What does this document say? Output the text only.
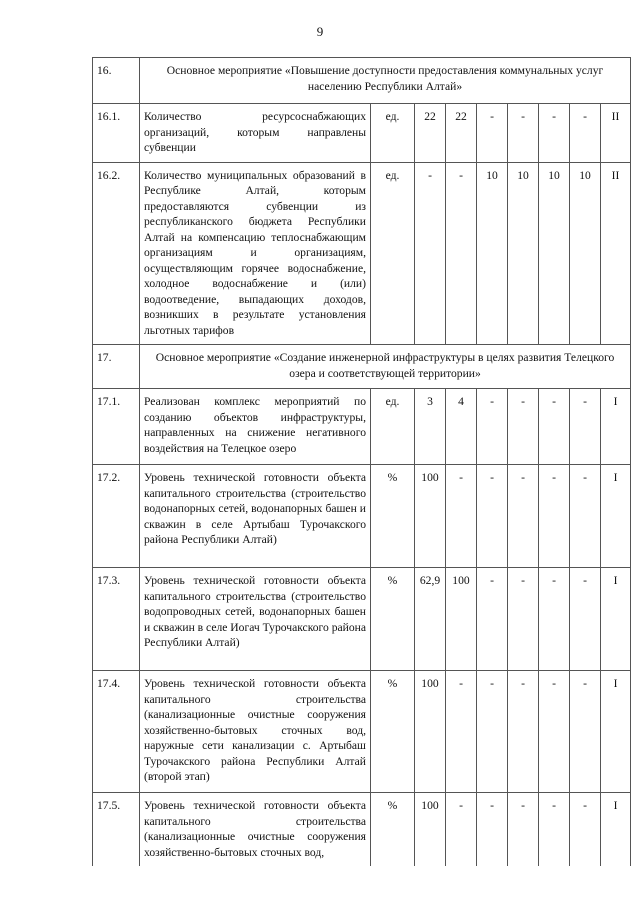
9
16.	Основное мероприятие «Повышение доступности предоставления коммунальных услуг населению Республики Алтай»								
16.1.	Количество ресурсоснабжающих организаций, которым направлены субвенции	ед.	22	22	-	-	-	-	II
16.2.	Количество муниципальных образований в Республике Алтай, которым предоставляются субвенции из республиканского бюджета Республики Алтай на компенсацию теплоснабжающим организациям и организациям, осуществляющим горячее водоснабжение, холодное водоснабжение и (или) водоотведение, выпадающих доходов, возникших в результате установления льготных тарифов	ед.	-	-	10	10	10	10	II
17.	Основное мероприятие «Создание инженерной инфраструктуры в целях развития Телецкого озера и соответствующей территории»								
17.1.	Реализован комплекс мероприятий по созданию объектов инфраструктуры, направленных на снижение негативного воздействия на Телецкое озеро	ед.	3	4	-	-	-	-	I
17.2.	Уровень технической готовности объекта капитального строительства (строительство водонапорных сетей, водонапорных башен и скважин в селе Артыбаш Турочакского района Республики Алтай)	%	100	-	-	-	-	-	I
17.3.	Уровень технической готовности объекта капитального строительства (строительство водопроводных сетей, водонапорных башен и скважин в селе Иогач Турочакского района Республики Алтай)	%	62,9	100	-	-	-	-	I
17.4.	Уровень технической готовности объекта капитального строительства (канализационные очистные сооружения хозяйственно-бытовых сточных вод, наружные сети канализации с. Артыбаш Турочакского района Республики Алтай (второй этап)	%	100	-	-	-	-	-	I
17.5.	Уровень технической готовности объекта капитального строительства (канализационные очистные сооружения хозяйственно-бытовых сточных вод,	%	100	-	-	-	-	-	I
